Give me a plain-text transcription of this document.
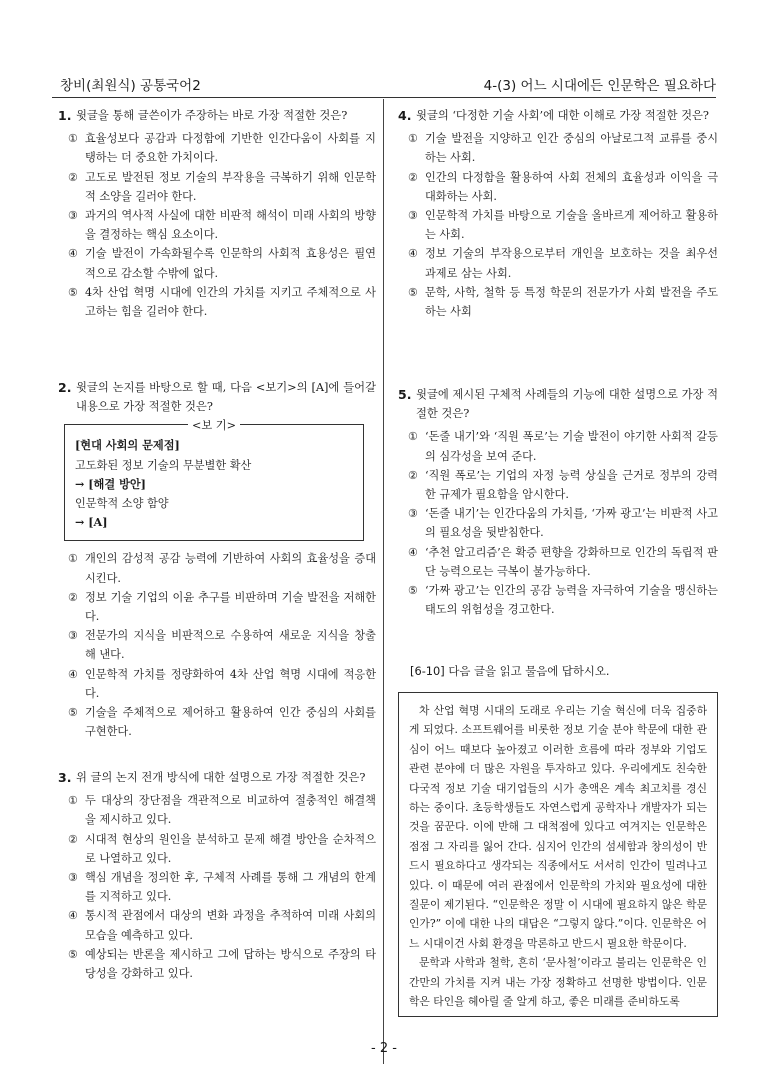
창비(최원식) 공통국어2	4-(3) 어느 시대에든 인문학은 필요하다
1. 윗글을 통해 글쓴이가 주장하는 바로 가장 적절한 것은?
① 효율성보다 공감과 다정함에 기반한 인간다움이 사회를 지탱하는 더 중요한 가치이다.
② 고도로 발전된 정보 기술의 부작용을 극복하기 위해 인문학적 소양을 길러야 한다.
③ 과거의 역사적 사실에 대한 비판적 해석이 미래 사회의 방향을 결정하는 핵심 요소이다.
④ 기술 발전이 가속화될수록 인문학의 사회적 효용성은 필연적으로 감소할 수밖에 없다.
⑤ 4차 산업 혁명 시대에 인간의 가치를 지키고 주체적으로 사고하는 힘을 길러야 한다.
2. 윗글의 논지를 바탕으로 할 때, 다음 <보기>의 [A]에 들어갈 내용으로 가장 적절한 것은?
<보 기>
[현대 사회의 문제점]
고도화된 정보 기술의 무분별한 확산
→ [해결 방안]
인문학적 소양 함양
→ [A]
① 개인의 감성적 공감 능력에 기반하여 사회의 효율성을 증대시킨다.
② 정보 기술 기업의 이윤 추구를 비판하며 기술 발전을 저해한다.
③ 전문가의 지식을 비판적으로 수용하여 새로운 지식을 창출해 낸다.
④ 인문학적 가치를 정량화하여 4차 산업 혁명 시대에 적응한다.
⑤ 기술을 주체적으로 제어하고 활용하여 인간 중심의 사회를 구현한다.
3. 위 글의 논지 전개 방식에 대한 설명으로 가장 적절한 것은?
① 두 대상의 장단점을 객관적으로 비교하여 절충적인 해결책을 제시하고 있다.
② 시대적 현상의 원인을 분석하고 문제 해결 방안을 순차적으로 나열하고 있다.
③ 핵심 개념을 정의한 후, 구체적 사례를 통해 그 개념의 한계를 지적하고 있다.
④ 통시적 관점에서 대상의 변화 과정을 추적하여 미래 사회의 모습을 예측하고 있다.
⑤ 예상되는 반론을 제시하고 그에 답하는 방식으로 주장의 타당성을 강화하고 있다.
4. 윗글의 ‘다정한 기술 사회’에 대한 이해로 가장 적절한 것은?
① 기술 발전을 지양하고 인간 중심의 아날로그적 교류를 중시하는 사회.
② 인간의 다정함을 활용하여 사회 전체의 효율성과 이익을 극대화하는 사회.
③ 인문학적 가치를 바탕으로 기술을 올바르게 제어하고 활용하는 사회.
④ 정보 기술의 부작용으로부터 개인을 보호하는 것을 최우선 과제로 삼는 사회.
⑤ 문학, 사학, 철학 등 특정 학문의 전문가가 사회 발전을 주도하는 사회
5. 윗글에 제시된 구체적 사례들의 기능에 대한 설명으로 가장 적절한 것은?
① ‘돈줄 내기’와 ‘직원 폭로’는 기술 발전이 야기한 사회적 갈등의 심각성을 보여 준다.
② ‘직원 폭로’는 기업의 자정 능력 상실을 근거로 정부의 강력한 규제가 필요함을 암시한다.
③ ‘돈줄 내기’는 인간다움의 가치를, ‘가짜 광고’는 비판적 사고의 필요성을 뒷받침한다.
④ ‘추천 알고리즘’은 확증 편향을 강화하므로 인간의 독립적 판단 능력으로는 극복이 불가능하다.
⑤ ‘가짜 광고’는 인간의 공감 능력을 자극하여 기술을 맹신하는 태도의 위험성을 경고한다.
[6-10] 다음 글을 읽고 물음에 답하시오.

차 산업 혁명 시대의 도래로 우리는 기술 혁신에 더욱 집중하게 되었다. 소프트웨어를 비롯한 정보 기술 분야 학문에 대한 관심이 어느 때보다 높아졌고 이러한 흐름에 따라 정부와 기업도 관련 분야에 더 많은 자원을 투자하고 있다. 우리에게도 친숙한 다국적 정보 기술 대기업들의 시가 총액은 계속 최고치를 경신하는 중이다. 초등학생들도 자연스럽게 공학자나 개발자가 되는 것을 꿈꾼다. 이에 반해 그 대척점에 있다고 여겨지는 인문학은 점점 그 자리를 잃어 간다. 심지어 인간의 섬세함과 창의성이 반드시 필요하다고 생각되는 직종에서도 서서히 인간이 밀려나고 있다. 이 때문에 여러 관점에서 인문학의 가치와 필요성에 대한 질문이 제기된다. “인문학은 정말 이 시대에 필요하지 않은 학문인가?” 이에 대한 나의 대답은 “그렇지 않다.”이다. 인문학은 어느 시대이건 사회 환경을 막론하고 반드시 필요한 학문이다.

문학과 사학과 철학, 흔히 ‘문사철’이라고 불리는 인문학은 인간만의 가치를 지켜 내는 가장 정확하고 선명한 방법이다. 인문학은 타인을 헤아릴 줄 알게 하고, 좋은 미래를 준비하도록

- 2 -
